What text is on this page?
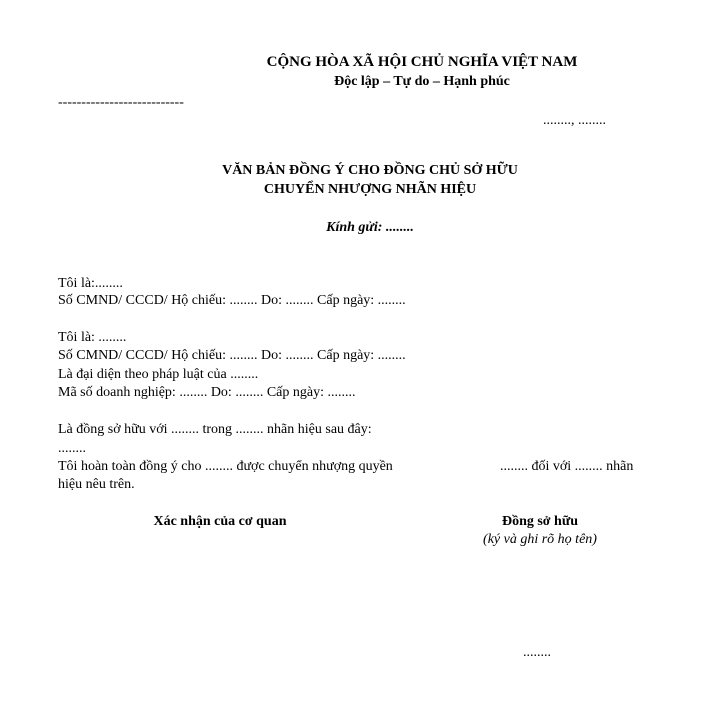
CỘNG HÒA XÃ HỘI CHỦ NGHĨA VIỆT NAM
Độc lập – Tự do – Hạnh phúc
---------------------------
........, ........
VĂN BẢN ĐỒNG Ý CHO ĐỒNG CHỦ SỞ HỮU
CHUYỂN NHƯỢNG NHÃN HIỆU
Kính gửi: ........
Tôi là:........
Số CMND/ CCCD/ Hộ chiếu: ........ Do: ........ Cấp ngày: ........
Tôi là: ........
Số CMND/ CCCD/ Hộ chiếu: ........ Do: ........ Cấp ngày: ........
Là đại diện theo pháp luật của ........
Mã số doanh nghiệp: ........ Do: ........ Cấp ngày: ........
Là đồng sở hữu với ........ trong ........ nhãn hiệu sau đây:
........
Tôi hoàn toàn đồng ý cho ........ được chuyển nhượng quyền	........ đối với ........ nhãn
hiệu nêu trên.
Xác nhận của cơ quan	Đồng sở hữu
(ký và ghi rõ họ tên)
........
